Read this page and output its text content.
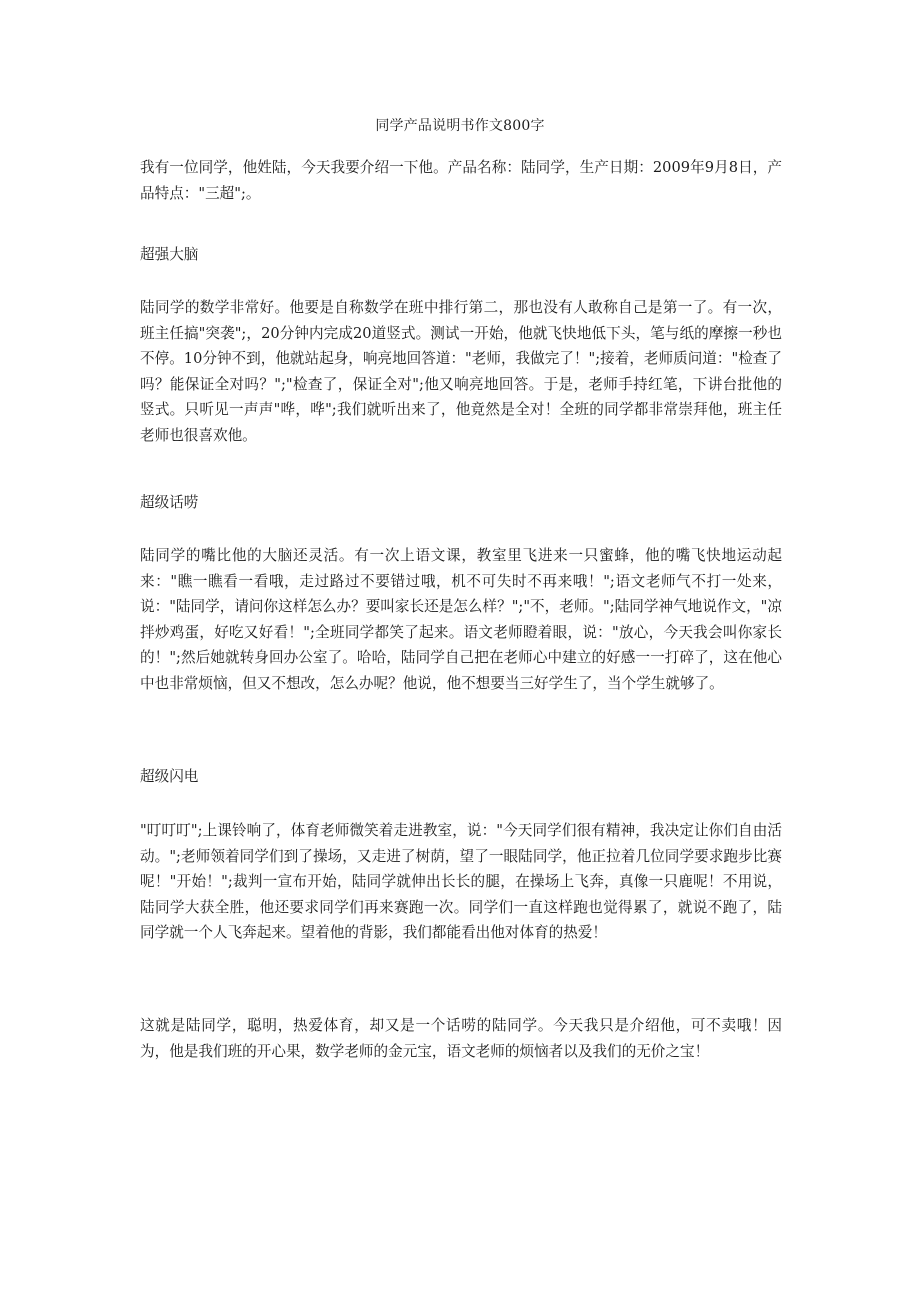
同学产品说明书作文800字
我有一位同学，他姓陆，今天我要介绍一下他。产品名称：陆同学，生产日期：2009年9月8日，产品特点："三超";。
超强大脑
陆同学的数学非常好。他要是自称数学在班中排行第二，那也没有人敢称自己是第一了。有一次，班主任搞"突袭";，20分钟内完成20道竖式。测试一开始，他就飞快地低下头，笔与纸的摩擦一秒也不停。10分钟不到，他就站起身，响亮地回答道："老师，我做完了！";接着，老师质问道："检查了吗？能保证全对吗？";"检查了，保证全对";他又响亮地回答。于是，老师手持红笔，下讲台批他的竖式。只听见一声声"哗，哗";我们就听出来了，他竟然是全对！全班的同学都非常崇拜他，班主任老师也很喜欢他。
超级话唠
陆同学的嘴比他的大脑还灵活。有一次上语文课，教室里飞进来一只蜜蜂，他的嘴飞快地运动起来："瞧一瞧看一看哦，走过路过不要错过哦，机不可失时不再来哦！";语文老师气不打一处来，说："陆同学，请问你这样怎么办？要叫家长还是怎么样？";"不，老师。";陆同学神气地说作文，"凉拌炒鸡蛋，好吃又好看！";全班同学都笑了起来。语文老师瞪着眼，说："放心，今天我会叫你家长的！";然后她就转身回办公室了。哈哈，陆同学自己把在老师心中建立的好感一一打碎了，这在他心中也非常烦恼，但又不想改，怎么办呢？他说，他不想要当三好学生了，当个学生就够了。
超级闪电
"叮叮叮";上课铃响了，体育老师微笑着走进教室，说："今天同学们很有精神，我决定让你们自由活动。";老师领着同学们到了操场，又走进了树荫，望了一眼陆同学，他正拉着几位同学要求跑步比赛呢！"开始！";裁判一宣布开始，陆同学就伸出长长的腿，在操场上飞奔，真像一只鹿呢！不用说，陆同学大获全胜，他还要求同学们再来赛跑一次。同学们一直这样跑也觉得累了，就说不跑了，陆同学就一个人飞奔起来。望着他的背影，我们都能看出他对体育的热爱！
这就是陆同学，聪明，热爱体育，却又是一个话唠的陆同学。今天我只是介绍他，可不卖哦！因为，他是我们班的开心果，数学老师的金元宝，语文老师的烦恼者以及我们的无价之宝！
